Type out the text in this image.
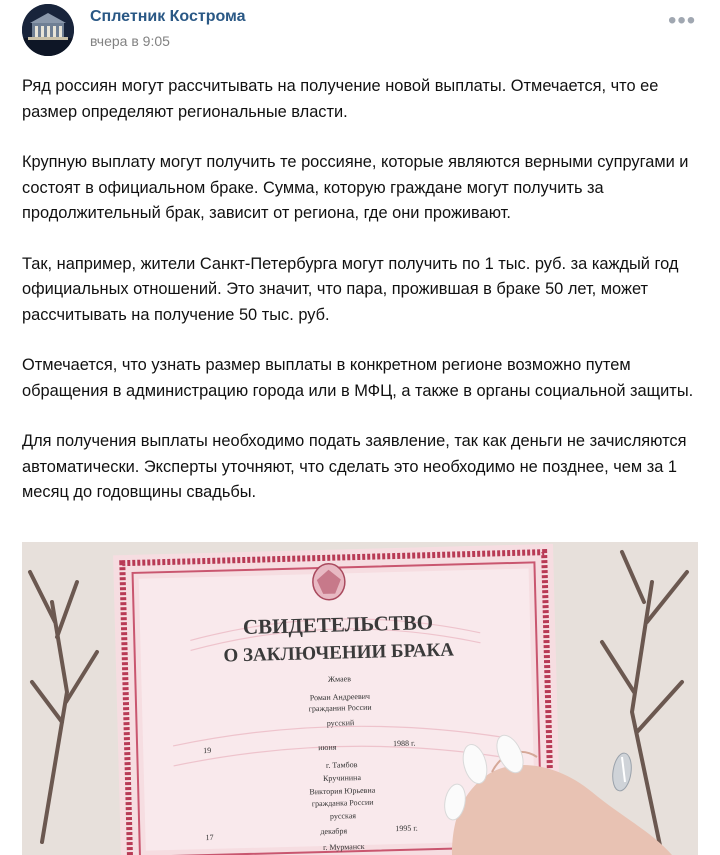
Сплетник Кострома
вчера в 9:05
•••

Ряд россиян могут рассчитывать на получение новой выплаты. Отмечается, что ее размер определяют региональные власти.

Крупную выплату могут получить те россияне, которые являются верными супругами и состоят в официальном браке. Сумма, которую граждане могут получить за продолжительный брак, зависит от региона, где они проживают.

Так, например, жители Санкт-Петербурга могут получить по 1 тыс. руб. за каждый год официальных отношений. Это значит, что пара, прожившая в браке 50 лет, может рассчитывать на получение 50 тыс. руб.

Отмечается, что узнать размер выплаты в конкретном регионе возможно путем обращения в администрацию города или в МФЦ, а также в органы социальной защиты.

Для получения выплаты необходимо подать заявление, так как деньги не зачисляются автоматически. Эксперты уточняют, что сделать это необходимо не позднее, чем за 1 месяц до годовщины свадьбы.

СВИДЕТЕЛЬСТВО
О ЗАКЛЮЧЕНИИ БРАКА
Жмаев
Роман Андреевич
гражданин России
русский
19	июня	1988 г.
г. Тамбов
Кручинина
Виктория Юрьевна
гражданка России
русская
17
декабря	1995 г.
г. Мурманск
